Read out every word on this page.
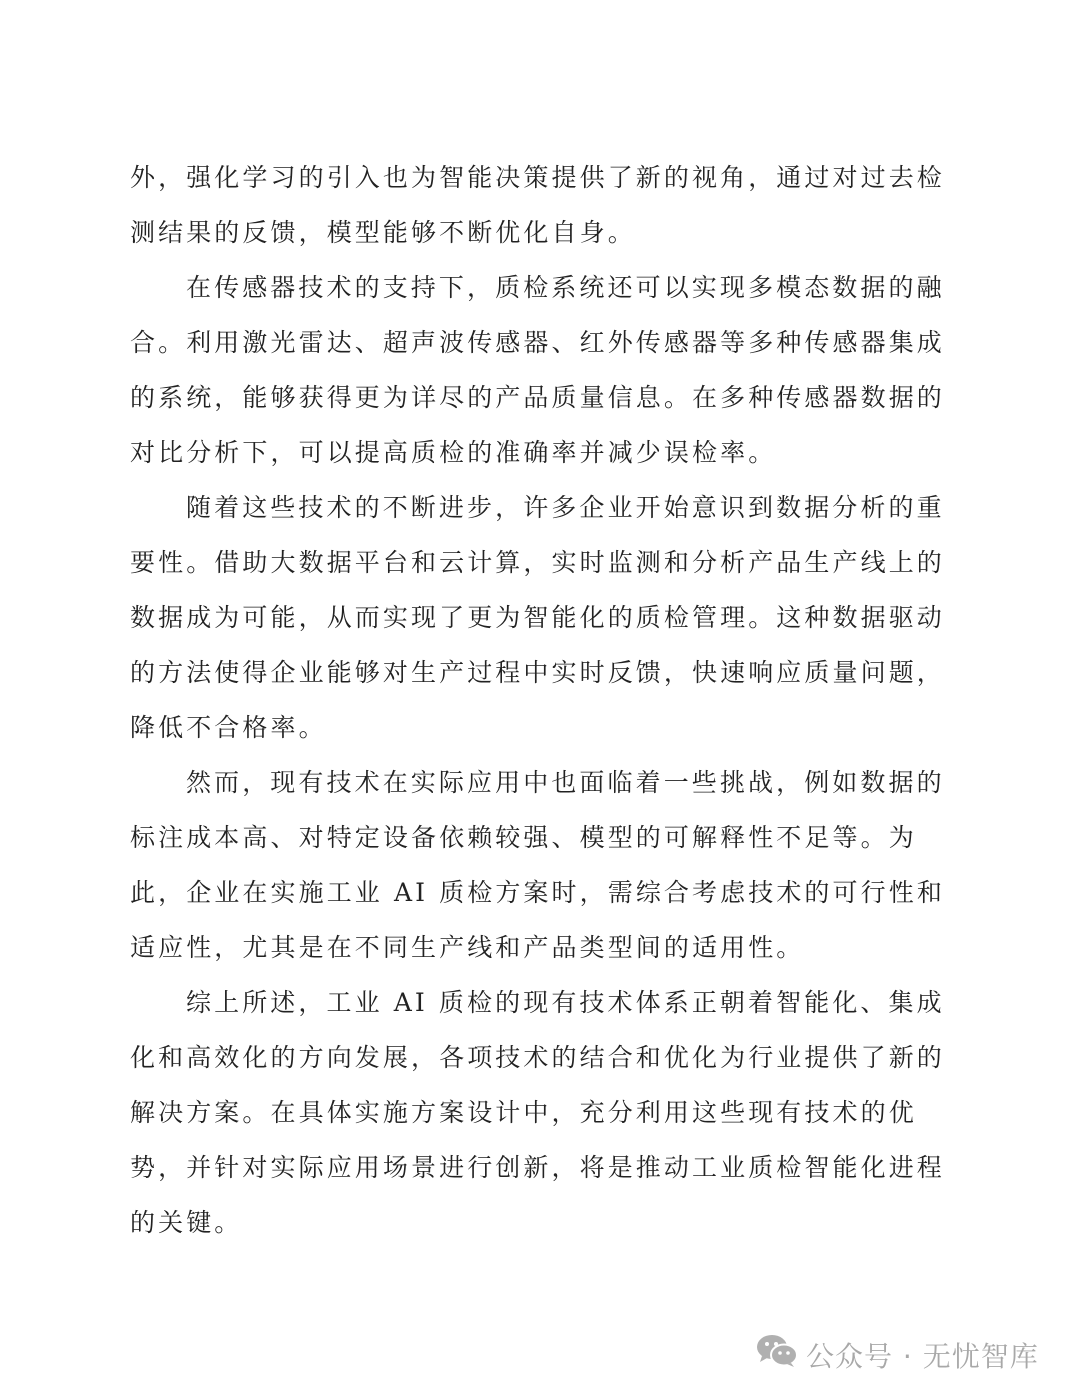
外，强化学习的引入也为智能决策提供了新的视角，通过对过去检
测结果的反馈，模型能够不断优化自身。
在传感器技术的支持下，质检系统还可以实现多模态数据的融
合。利用激光雷达、超声波传感器、红外传感器等多种传感器集成
的系统，能够获得更为详尽的产品质量信息。在多种传感器数据的
对比分析下，可以提高质检的准确率并减少误检率。
随着这些技术的不断进步，许多企业开始意识到数据分析的重
要性。借助大数据平台和云计算，实时监测和分析产品生产线上的
数据成为可能，从而实现了更为智能化的质检管理。这种数据驱动
的方法使得企业能够对生产过程中实时反馈，快速响应质量问题，
降低不合格率。
然而，现有技术在实际应用中也面临着一些挑战，例如数据的
标注成本高、对特定设备依赖较强、模型的可解释性不足等。为
此，企业在实施工业 AI 质检方案时，需综合考虑技术的可行性和
适应性，尤其是在不同生产线和产品类型间的适用性。
综上所述，工业 AI 质检的现有技术体系正朝着智能化、集成
化和高效化的方向发展，各项技术的结合和优化为行业提供了新的
解决方案。在具体实施方案设计中，充分利用这些现有技术的优
势，并针对实际应用场景进行创新，将是推动工业质检智能化进程
的关键。
公众号 · 无忧智库
